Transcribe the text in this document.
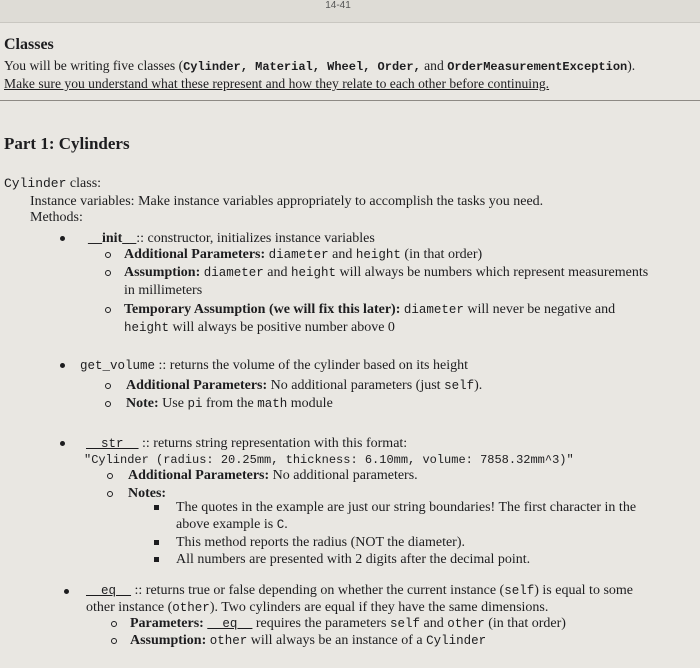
14-41
Classes
You will be writing five classes (Cylinder, Material, Wheel, Order, and OrderMeasurementException).
Make sure you understand what these represent and how they relate to each other before continuing.
Part 1: Cylinders
Cylinder class:
Instance variables: Make instance variables appropriately to accomplish the tasks you need.
Methods:
__init__:: constructor, initializes instance variables
Additional Parameters: diameter and height (in that order)
Assumption: diameter and height will always be numbers which represent measurements
in millimeters
Temporary Assumption (we will fix this later): diameter will never be negative and
height will always be positive number above 0
get_volume :: returns the volume of the cylinder based on its height
Additional Parameters: No additional parameters (just self).
Note: Use pi from the math module
__str__ :: returns string representation with this format:
"Cylinder (radius: 20.25mm, thickness: 6.10mm, volume: 7858.32mm^3)"
Additional Parameters: No additional parameters.
Notes:
The quotes in the example are just our string boundaries! The first character in the
above example is C.
This method reports the radius (NOT the diameter).
All numbers are presented with 2 digits after the decimal point.
__eq__ :: returns true or false depending on whether the current instance (self) is equal to some
other instance (other). Two cylinders are equal if they have the same dimensions.
Parameters: __eq__ requires the parameters self and other (in that order)
Assumption: other will always be an instance of a Cylinder
